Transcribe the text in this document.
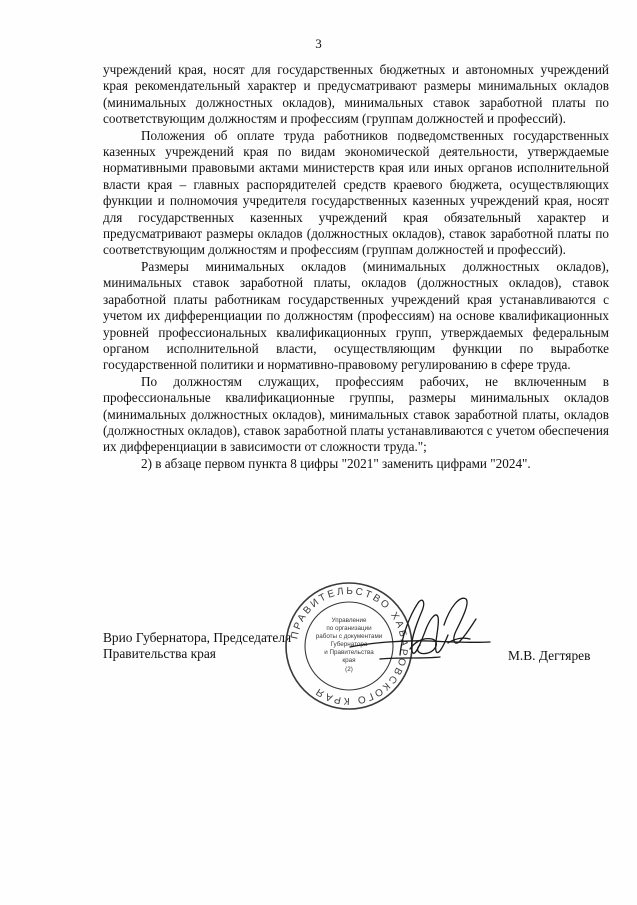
3

учреждений края, носят для государственных бюджетных и автономных учреждений края рекомендательный характер и предусматривают размеры минимальных окладов (минимальных должностных окладов), минимальных ставок заработной платы по соответствующим должностям и профессиям (группам должностей и профессий).

Положения об оплате труда работников подведомственных государственных казенных учреждений края по видам экономической деятельности, утверждаемые нормативными правовыми актами министерств края или иных органов исполнительной власти края – главных распорядителей средств краевого бюджета, осуществляющих функции и полномочия учредителя государственных казенных учреждений края, носят для государственных казенных учреждений края обязательный характер и предусматривают размеры окладов (должностных окладов), ставок заработной платы по соответствующим должностям и профессиям (группам должностей и профессий).

Размеры минимальных окладов (минимальных должностных окладов), минимальных ставок заработной платы, окладов (должностных окладов), ставок заработной платы работникам государственных учреждений края устанавливаются с учетом их дифференциации по должностям (профессиям) на основе квалификационных уровней профессиональных квалификационных групп, утверждаемых федеральным органом исполнительной власти, осуществляющим функции по выработке государственной политики и нормативно-правовому регулированию в сфере труда.

По должностям служащих, профессиям рабочих, не включенным в профессиональные квалификационные группы, размеры минимальных окладов (минимальных должностных окладов), минимальных ставок заработной платы, окладов (должностных окладов), ставок заработной платы устанавливаются с учетом обеспечения их дифференциации в зависимости от сложности труда.";

2) в абзаце первом пункта 8 цифры "2021" заменить цифрами "2024".

Врио Губернатора, Председателя
Правительства края	М.В. Дегтярев
ПРАВИТЕЛЬСТВО ХАБАРОВСКОГО КРАЯ
Управление
по организации
работы с документами
Губернатора
и Правительства
края
(2)
